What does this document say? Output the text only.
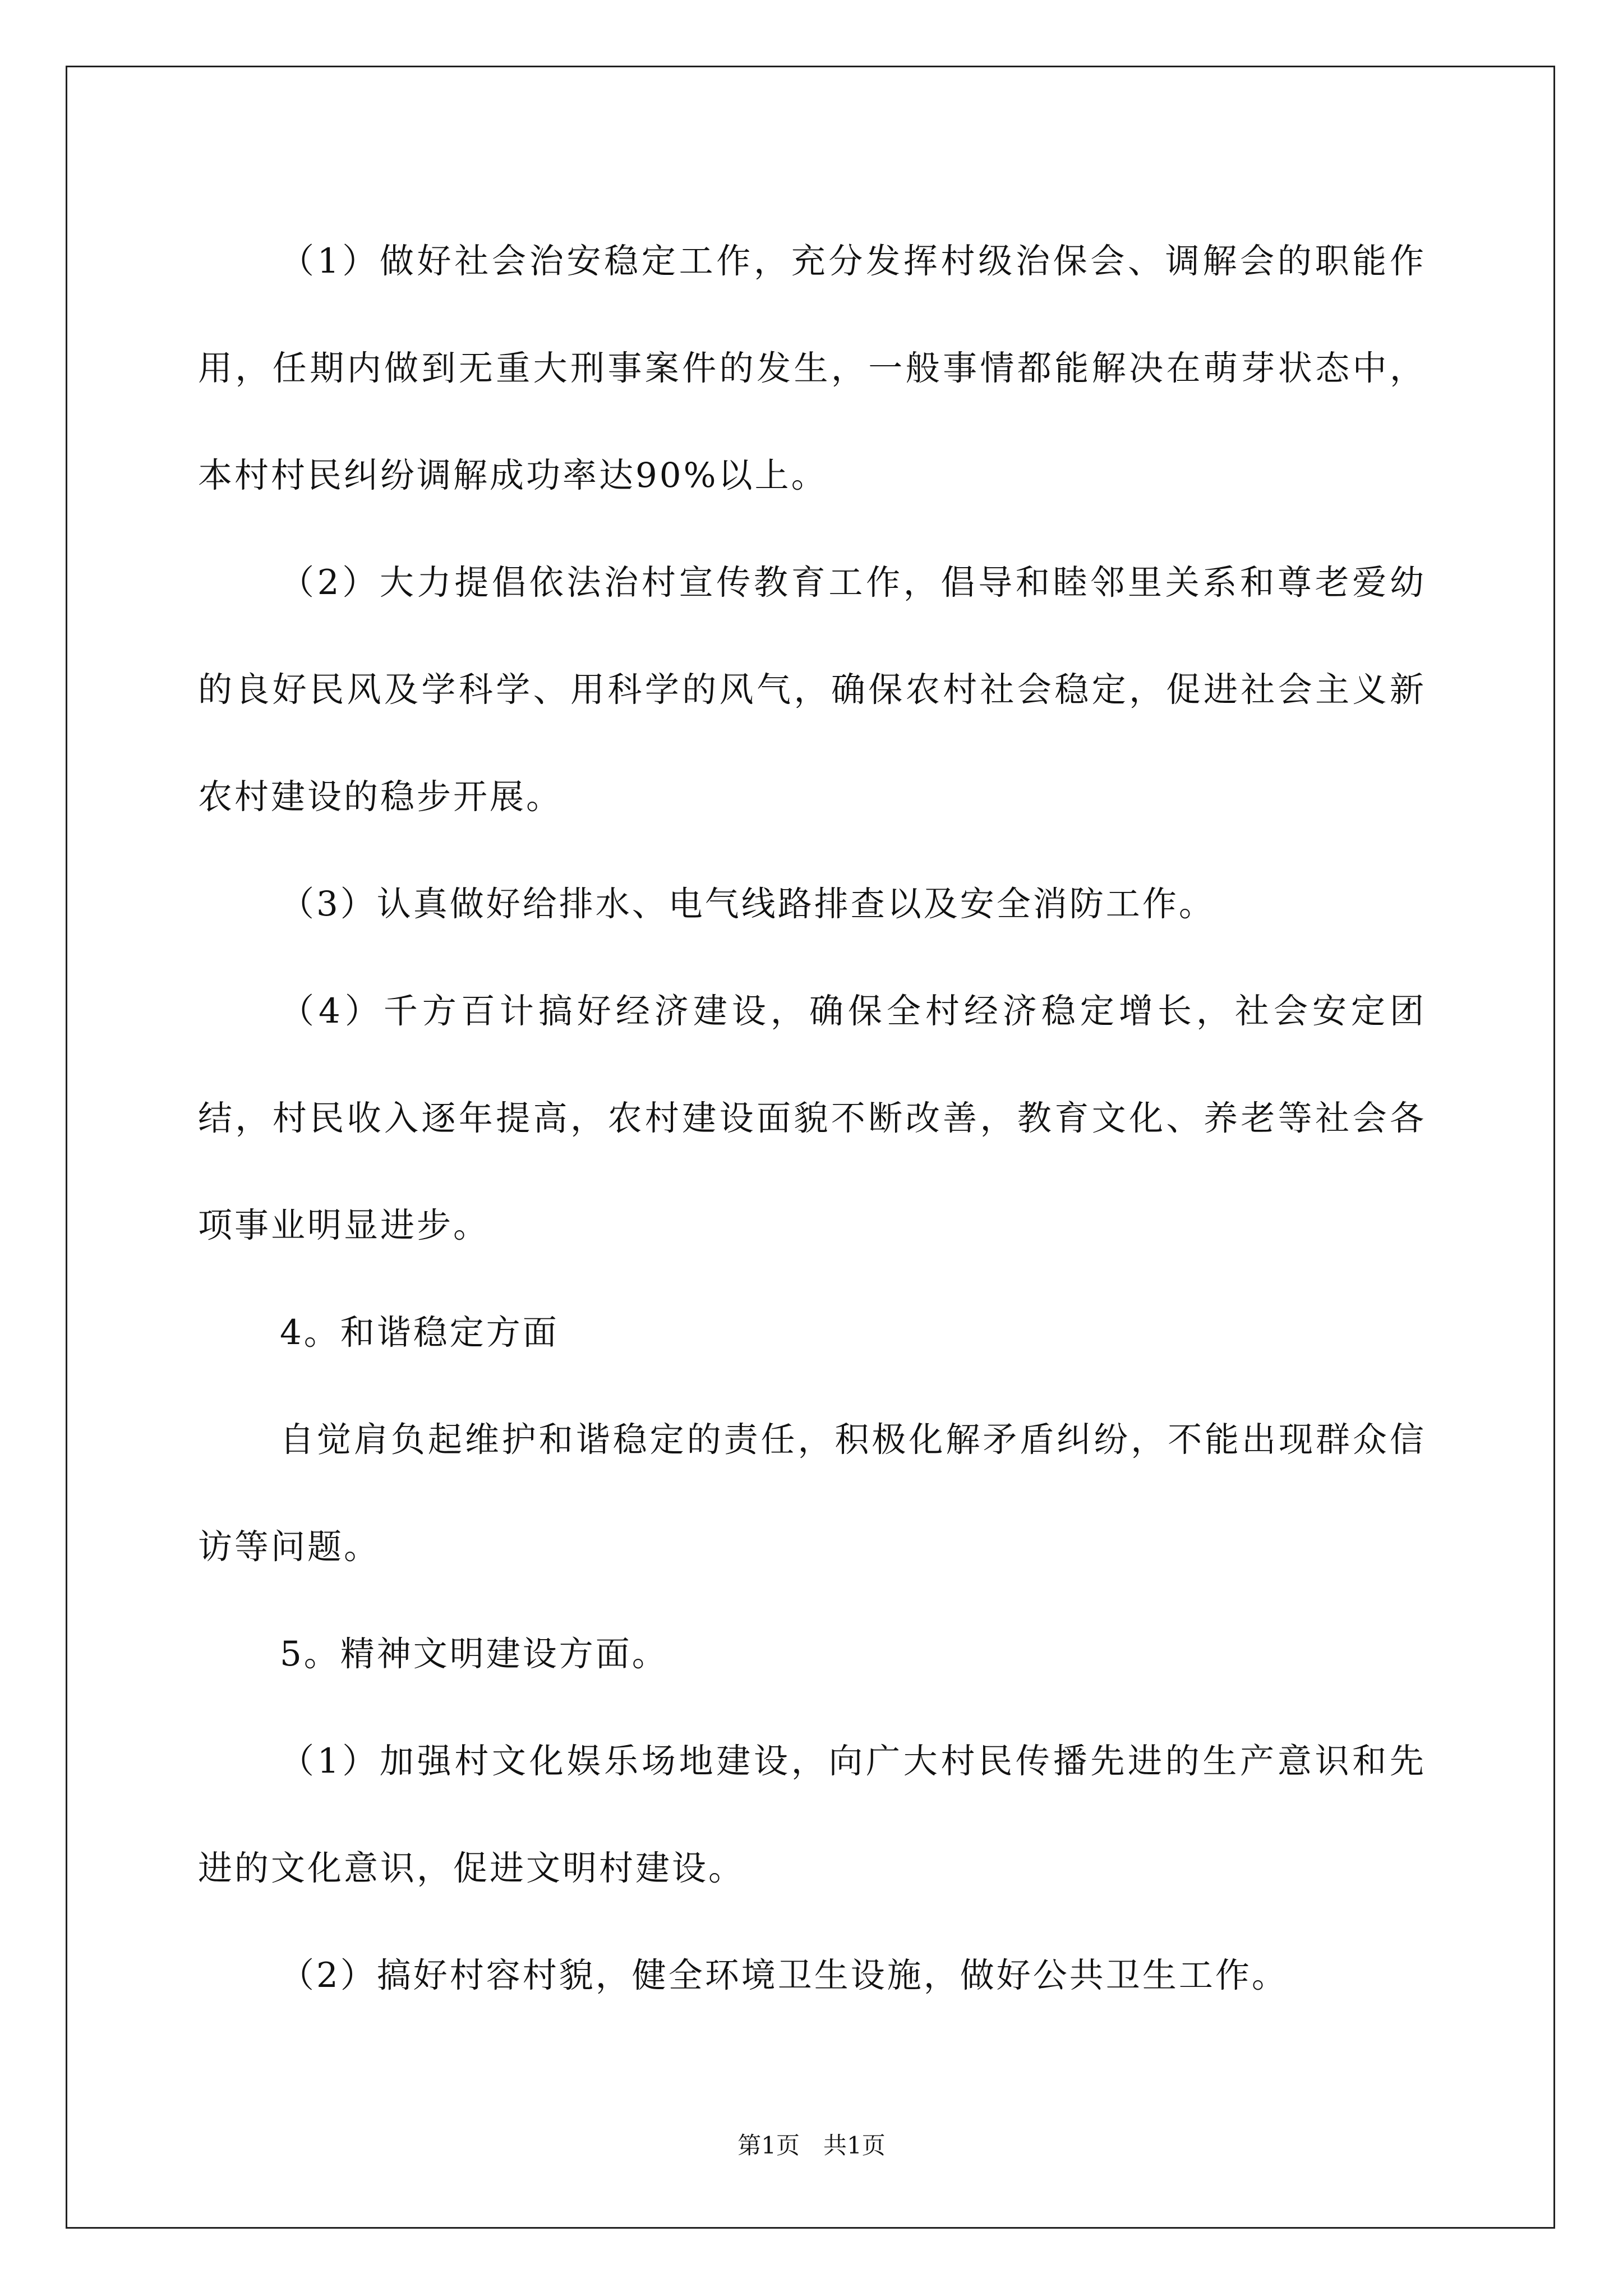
（1）做好社会治安稳定工作，充分发挥村级治保会、调解会的职能作用，任期内做到无重大刑事案件的发生，一般事情都能解决在萌芽状态中，本村村民纠纷调解成功率达90%以上。

（2）大力提倡依法治村宣传教育工作，倡导和睦邻里关系和尊老爱幼的良好民风及学科学、用科学的风气，确保农村社会稳定，促进社会主义新农村建设的稳步开展。

（3）认真做好给排水、电气线路排查以及安全消防工作。

（4）千方百计搞好经济建设，确保全村经济稳定增长，社会安定团结，村民收入逐年提高，农村建设面貌不断改善，教育文化、养老等社会各项事业明显进步。

4。和谐稳定方面

自觉肩负起维护和谐稳定的责任，积极化解矛盾纠纷，不能出现群众信访等问题。

5。精神文明建设方面。

（1）加强村文化娱乐场地建设，向广大村民传播先进的生产意识和先进的文化意识，促进文明村建设。

（2）搞好村容村貌，健全环境卫生设施，做好公共卫生工作。

第1页　共1页
